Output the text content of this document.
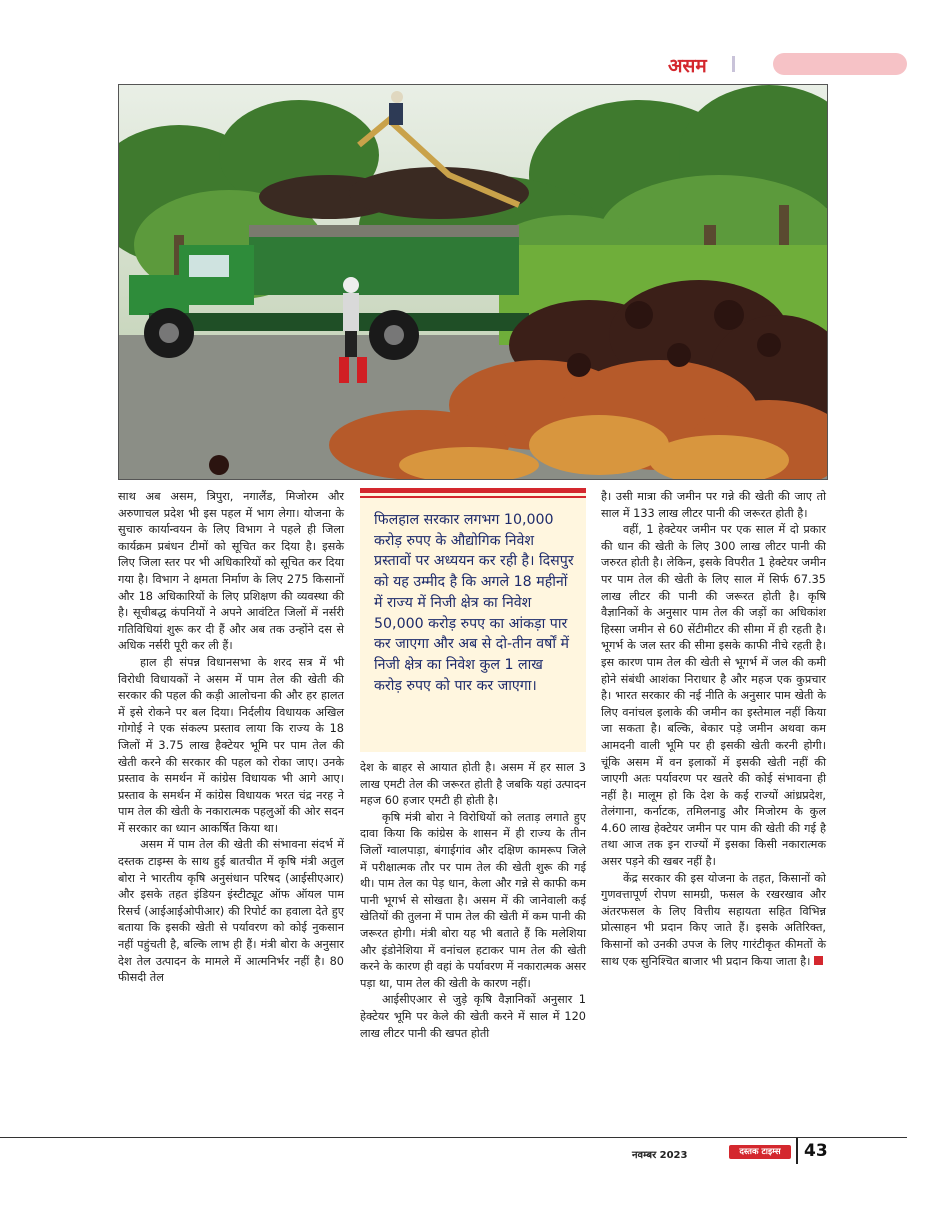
असम

साथ अब असम, त्रिपुरा, नगालैंड, मिजोरम और अरुणाचल प्रदेश भी इस पहल में भाग लेगा। योजना के सुचारु कार्यान्वयन के लिए विभाग ने पहले ही जिला कार्यक्रम प्रबंधन टीमों को सूचित कर दिया है। इसके लिए जिला स्तर पर भी अधिकारियों को सूचित कर दिया गया है। विभाग ने क्षमता निर्माण के लिए 275 किसानों और 18 अधिकारियों के लिए प्रशिक्षण की व्यवस्था की है। सूचीबद्ध कंपनियों ने अपने आवंटित जिलों में नर्सरी गतिविधियां शुरू कर दी हैं और अब तक उन्होंने दस से अधिक नर्सरी पूरी कर ली हैं।

हाल ही संपन्न विधानसभा के शरद सत्र में भी विरोधी विधायकों ने असम में पाम तेल की खेती की सरकार की पहल की कड़ी आलोचना की और हर हालत में इसे रोकने पर बल दिया। निर्दलीय विधायक अखिल गोगोई ने एक संकल्प प्रस्ताव लाया कि राज्य के 18 जिलों में 3.75 लाख हैक्टेयर भूमि पर पाम तेल की खेती करने की सरकार की पहल को रोका जाए। उनके प्रस्ताव के समर्थन में कांग्रेस विधायक भी आगे आए। प्रस्ताव के समर्थन में कांग्रेस विधायक भरत चंद्र नरह ने पाम तेल की खेती के नकारात्मक पहलुओं की ओर सदन में सरकार का ध्यान आकर्षित किया था।

असम में पाम तेल की खेती की संभावना संदर्भ में दस्तक टाइम्स के साथ हुई बातचीत में कृषि मंत्री अतुल बोरा ने भारतीय कृषि अनुसंधान परिषद (आईसीएआर) और इसके तहत इंडियन इंस्टीट्यूट ऑफ ऑयल पाम रिसर्च (आईआईओपीआर) की रिपोर्ट का हवाला देते हुए बताया कि इसकी खेती से पर्यावरण को कोई नुकसान नहीं पहुंचती है, बल्कि लाभ ही हैं। मंत्री बोरा के अनुसार देश तेल उत्पादन के मामले में आत्मनिर्भर नहीं है। 80 फीसदी तेल

फिलहाल सरकार लगभग 10,000 करोड़ रुपए के औद्योगिक निवेश प्रस्तावों पर अध्ययन कर रही है। दिसपुर को यह उम्मीद है कि अगले 18 महीनों में राज्य में निजी क्षेत्र का निवेश 50,000 करोड़ रुपए का आंकड़ा पार कर जाएगा और अब से दो-तीन वर्षों में निजी क्षेत्र का निवेश कुल 1 लाख करोड़ रुपए को पार कर जाएगा।

देश के बाहर से आयात होती है। असम में हर साल 3 लाख एमटी तेल की जरूरत होती है जबकि यहां उत्पादन महज 60 हजार एमटी ही होती है।

कृषि मंत्री बोरा ने विरोधियों को लताड़ लगाते हुए दावा किया कि कांग्रेस के शासन में ही राज्य के तीन जिलों ग्वालपाड़ा, बंगाईगांव और दक्षिण कामरूप जिले में परीक्षात्मक तौर पर पाम तेल की खेती शुरू की गई थी। पाम तेल का पेड़ धान, केला और गन्ने से काफी कम पानी भूगर्भ से सोखता है। असम में की जानेवाली कई खेतियों की तुलना में पाम तेल की खेती में कम पानी की जरूरत होगी। मंत्री बोरा यह भी बताते हैं कि मलेशिया और इंडोनेशिया में वनांचल हटाकर पाम तेल की खेती करने के कारण ही वहां के पर्यावरण में नकारात्मक असर पड़ा था, पाम तेल की खेती के कारण नहीं।

आईसीएआर से जुड़े कृषि वैज्ञानिकों अनुसार 1 हेक्टेयर भूमि पर केले की खेती करने में साल में 120 लाख लीटर पानी की खपत होती

है। उसी मात्रा की जमीन पर गन्ने की खेती की जाए तो साल में 133 लाख लीटर पानी की जरूरत होती है।

वहीं, 1 हेक्टेयर जमीन पर एक साल में दो प्रकार की धान की खेती के लिए 300 लाख लीटर पानी की जरुरत होती है। लेकिन, इसके विपरीत 1 हेक्टेयर जमीन पर पाम तेल की खेती के लिए साल में सिर्फ 67.35 लाख लीटर की पानी की जरूरत होती है। कृषि वैज्ञानिकों के अनुसार पाम तेल की जड़ों का अधिकांश हिस्सा जमीन से 60 सेंटीमीटर की सीमा में ही रहती है। भूगर्भ के जल स्तर की सीमा इसके काफी नीचे रहती है। इस कारण पाम तेल की खेती से भूगर्भ में जल की कमी होने संबंधी आशंका निराधार है और महज एक कुप्रचार है। भारत सरकार की नई नीति के अनुसार पाम खेती के लिए वनांचल इलाके की जमीन का इस्तेमाल नहीं किया जा सकता है। बल्कि, बेकार पड़े जमीन अथवा कम आमदनी वाली भूमि पर ही इसकी खेती करनी होगी। चूंकि असम में वन इलाकों में इसकी खेती नहीं की जाएगी अतः पर्यावरण पर खतरे की कोई संभावना ही नहीं है। मालूम हो कि देश के कई राज्यों आंध्रप्रदेश, तेलंगाना, कर्नाटक, तमिलनाडु और मिजोरम के कुल 4.60 लाख हेक्टेयर जमीन पर पाम की खेती की गई है तथा आज तक इन राज्यों में इसका किसी नकारात्मक असर पड़ने की खबर नहीं है।

केंद्र सरकार की इस योजना के तहत, किसानों को गुणवत्तापूर्ण रोपण सामग्री, फसल के रखरखाव और अंतरफसल के लिए वित्तीय सहायता सहित विभिन्न प्रोत्साहन भी प्रदान किए जाते हैं। इसके अतिरिक्त, किसानों को उनकी उपज के लिए गारंटीकृत कीमतों के साथ एक सुनिश्चित बाजार भी प्रदान किया जाता है।

नवम्बर 2023	दस्तक टाइम्स	43
